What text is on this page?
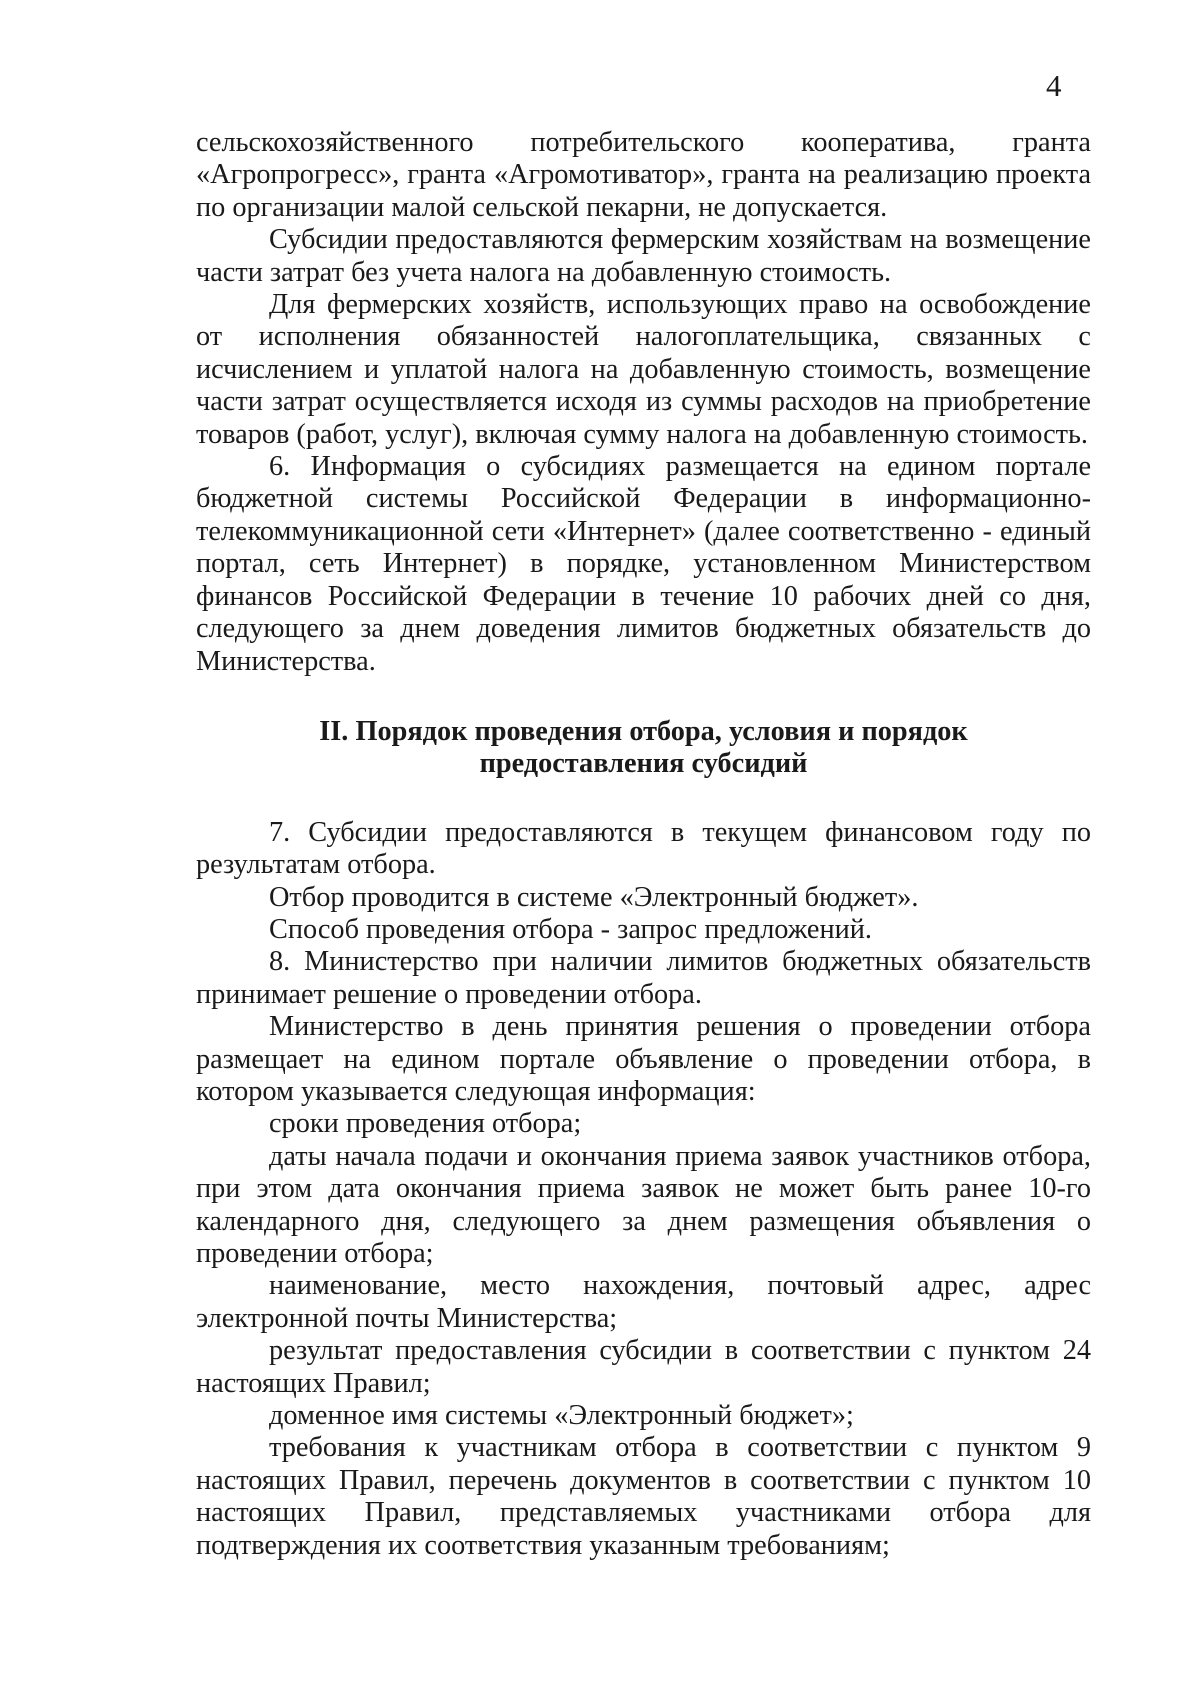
4

сельскохозяйственного потребительского кооператива, гранта «Агропрогресс», гранта «Агромотиватор», гранта на реализацию проекта по организации малой сельской пекарни, не допускается.

Субсидии предоставляются фермерским хозяйствам на возмещение части затрат без учета налога на добавленную стоимость.

Для фермерских хозяйств, использующих право на освобождение от исполнения обязанностей налогоплательщика, связанных с исчислением и уплатой налога на добавленную стоимость, возмещение части затрат осуществляется исходя из суммы расходов на приобретение товаров (работ, услуг), включая сумму налога на добавленную стоимость.

6. Информация о субсидиях размещается на едином портале бюджетной системы Российской Федерации в информационно-телекоммуникационной сети «Интернет» (далее соответственно - единый портал, сеть Интернет) в порядке, установленном Министерством финансов Российской Федерации в течение 10 рабочих дней со дня, следующего за днем доведения лимитов бюджетных обязательств до Министерства.

II. Порядок проведения отбора, условия и порядок
предоставления субсидий

7. Субсидии предоставляются в текущем финансовом году по результатам отбора.

Отбор проводится в системе «Электронный бюджет».

Способ проведения отбора - запрос предложений.

8. Министерство при наличии лимитов бюджетных обязательств принимает решение о проведении отбора.

Министерство в день принятия решения о проведении отбора размещает на едином портале объявление о проведении отбора, в котором указывается следующая информация:

сроки проведения отбора;

даты начала подачи и окончания приема заявок участников отбора, при этом дата окончания приема заявок не может быть ранее 10-го календарного дня, следующего за днем размещения объявления о проведении отбора;

наименование, место нахождения, почтовый адрес, адрес электронной почты Министерства;

результат предоставления субсидии в соответствии с пунктом 24 настоящих Правил;

доменное имя системы «Электронный бюджет»;

требования к участникам отбора в соответствии с пунктом 9 настоящих Правил, перечень документов в соответствии с пунктом 10 настоящих Правил, представляемых участниками отбора для подтверждения их соответствия указанным требованиям;
